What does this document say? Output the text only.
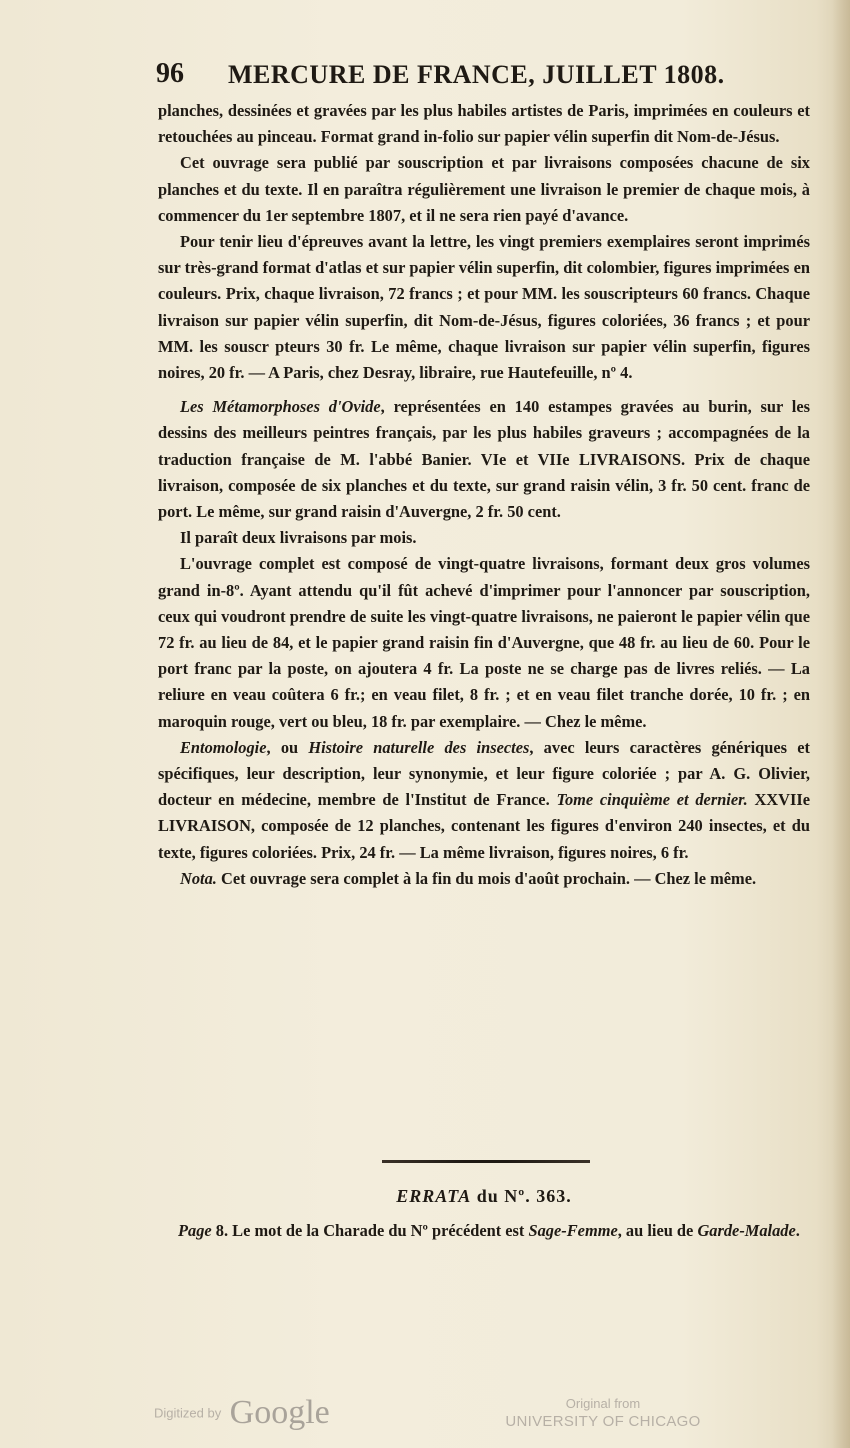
96 MERCURE DE FRANCE, JUILLET 1808.

planches, dessinées et gravées par les plus habiles artistes de Paris, imprimées en couleurs et retouchées au pinceau. Format grand in-folio sur papier vélin superfin dit Nom-de-Jésus.

Cet ouvrage sera publié par souscription et par livraisons composées chacune de six planches et du texte. Il en paraîtra régulièrement une livraison le premier de chaque mois, à commencer du 1er septembre 1807, et il ne sera rien payé d'avance.

Pour tenir lieu d'épreuves avant la lettre, les vingt premiers exemplaires seront imprimés sur très-grand format d'atlas et sur papier vélin superfin, dit colombier, figures imprimées en couleurs. Prix, chaque livraison, 72 francs ; et pour MM. les souscripteurs 60 francs. Chaque livraison sur papier vélin superfin, dit Nom-de-Jésus, figures coloriées, 36 francs ; et pour MM. les souscr pteurs 30 fr. Le même, chaque livraison sur papier vélin superfin, figures noires, 20 fr. — A Paris, chez Desray, libraire, rue Hautefeuille, nº 4.

Les Métamorphoses d'Ovide, représentées en 140 estampes gravées au burin, sur les dessins des meilleurs peintres français, par les plus habiles graveurs ; accompagnées de la traduction française de M. l'abbé Banier. VIe et VIIe LIVRAISONS. Prix de chaque livraison, composée de six planches et du texte, sur grand raisin vélin, 3 fr. 50 cent. franc de port. Le même, sur grand raisin d'Auvergne, 2 fr. 50 cent.

Il paraît deux livraisons par mois.

L'ouvrage complet est composé de vingt-quatre livraisons, formant deux gros volumes grand in-8º. Ayant attendu qu'il fût achevé d'imprimer pour l'annoncer par souscription, ceux qui voudront prendre de suite les vingt-quatre livraisons, ne paieront le papier vélin que 72 fr. au lieu de 84, et le papier grand raisin fin d'Auvergne, que 48 fr. au lieu de 60. Pour le port franc par la poste, on ajoutera 4 fr. La poste ne se charge pas de livres reliés. — La reliure en veau coûtera 6 fr.; en veau filet, 8 fr. ; et en veau filet tranche dorée, 10 fr. ; en maroquin rouge, vert ou bleu, 18 fr. par exemplaire. — Chez le même.

Entomologie, ou Histoire naturelle des insectes, avec leurs caractères génériques et spécifiques, leur description, leur synonymie, et leur figure coloriée ; par A. G. Olivier, docteur en médecine, membre de l'Institut de France. Tome cinquième et dernier. XXVIIe LIVRAISON, composée de 12 planches, contenant les figures d'environ 240 insectes, et du texte, figures coloriées. Prix, 24 fr. — La même livraison, figures noires, 6 fr.

Nota. Cet ouvrage sera complet à la fin du mois d'août prochain. — Chez le même.

ERRATA du Nº. 363.

Page 8. Le mot de la Charade du Nº précédent est Sage-Femme, au lieu de Garde-Malade.

Digitized by Google	Original from
UNIVERSITY OF CHICAGO
